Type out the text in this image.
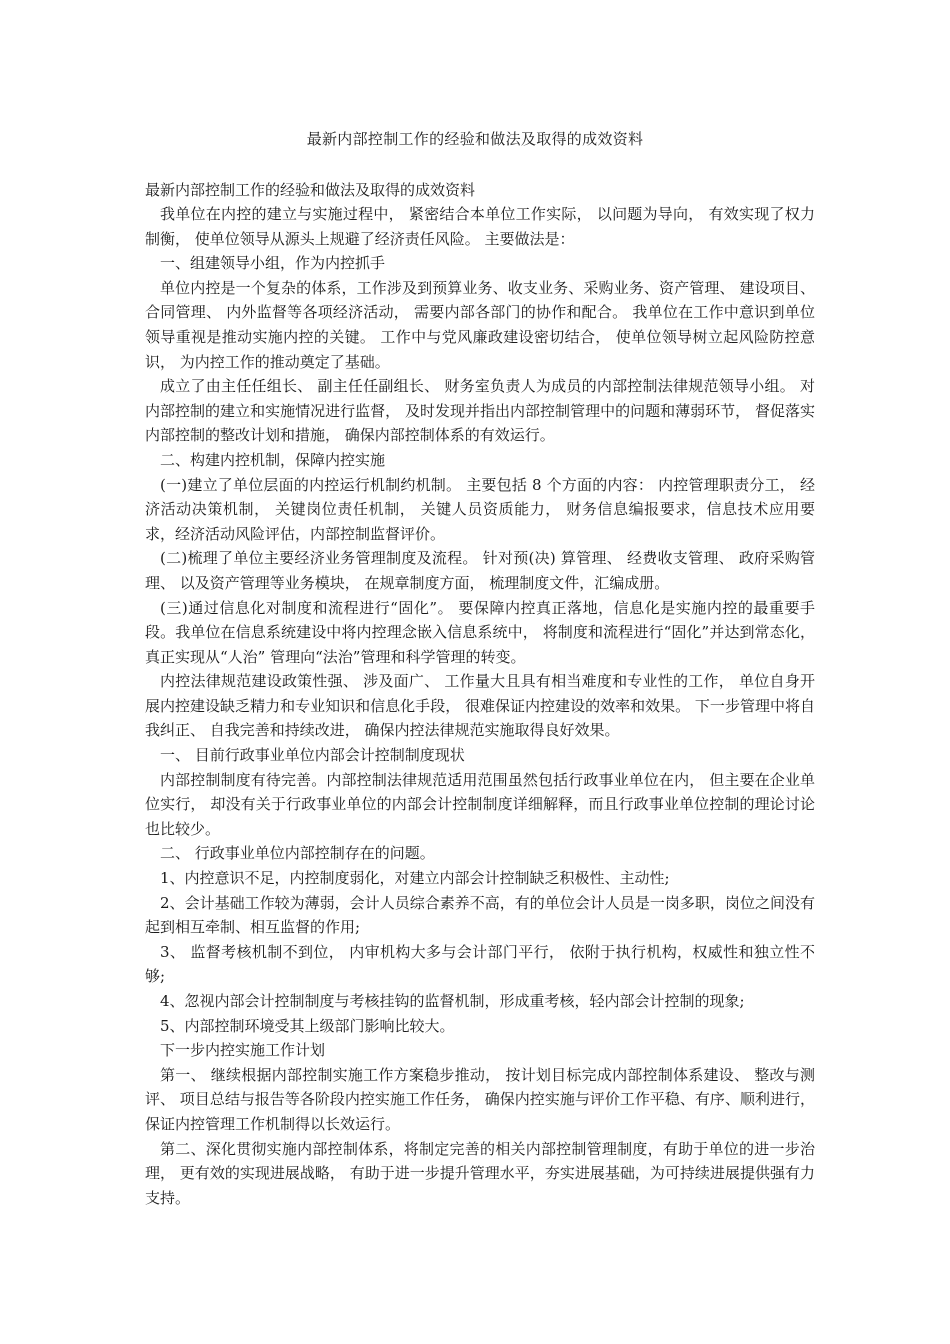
最新内部控制工作的经验和做法及取得的成效资料

最新内部控制工作的经验和做法及取得的成效资料

我单位在内控的建立与实施过程中， 紧密结合本单位工作实际， 以问题为导向， 有效实现了权力制衡， 使单位领导从源头上规避了经济责任风险。 主要做法是：

一、组建领导小组，作为内控抓手

单位内控是一个复杂的体系，工作涉及到预算业务、收支业务、采购业务、资产管理、 建设项目、 合同管理、 内外监督等各项经济活动， 需要内部各部门的协作和配合。 我单位在工作中意识到单位领导重视是推动实施内控的关键。 工作中与党风廉政建设密切结合， 使单位领导树立起风险防控意识， 为内控工作的推动奠定了基础。

成立了由主任任组长、 副主任任副组长、 财务室负责人为成员的内部控制法律规范领导小组。 对内部控制的建立和实施情况进行监督， 及时发现并指出内部控制管理中的问题和薄弱环节， 督促落实内部控制的整改计划和措施， 确保内部控制体系的有效运行。

二、构建内控机制，保障内控实施

(一)建立了单位层面的内控运行机制约机制。 主要包括 8 个方面的内容： 内控管理职责分工， 经济活动决策机制， 关键岗位责任机制， 关键人员资质能力， 财务信息编报要求，信息技术应用要求，经济活动风险评估，内部控制监督评价。

(二)梳理了单位主要经济业务管理制度及流程。 针对预(决) 算管理、 经费收支管理、 政府采购管理、 以及资产管理等业务模块， 在规章制度方面， 梳理制度文件，汇编成册。

(三)通过信息化对制度和流程进行“固化”。 要保障内控真正落地，信息化是实施内控的最重要手段。我单位在信息系统建设中将内控理念嵌入信息系统中， 将制度和流程进行“固化”并达到常态化， 真正实现从“人治” 管理向“法治”管理和科学管理的转变。

内控法律规范建设政策性强、 涉及面广、 工作量大且具有相当难度和专业性的工作， 单位自身开展内控建设缺乏精力和专业知识和信息化手段， 很难保证内控建设的效率和效果。 下一步管理中将自我纠正、 自我完善和持续改进， 确保内控法律规范实施取得良好效果。

一、 目前行政事业单位内部会计控制制度现状

内部控制制度有待完善。内部控制法律规范适用范围虽然包括行政事业单位在内， 但主要在企业单位实行， 却没有关于行政事业单位的内部会计控制制度详细解释，而且行政事业单位控制的理论讨论也比较少。

二、 行政事业单位内部控制存在的问题。

1、内控意识不足，内控制度弱化，对建立内部会计控制缺乏积极性、主动性;

2、会计基础工作较为薄弱，会计人员综合素养不高，有的单位会计人员是一岗多职，岗位之间没有起到相互牵制、相互监督的作用;

3、 监督考核机制不到位， 内审机构大多与会计部门平行， 依附于执行机构，权威性和独立性不够;

4、忽视内部会计控制制度与考核挂钩的监督机制，形成重考核，轻内部会计控制的现象;

5、内部控制环境受其上级部门影响比较大。

下一步内控实施工作计划

第一、 继续根据内部控制实施工作方案稳步推动， 按计划目标完成内部控制体系建设、 整改与测评、 项目总结与报告等各阶段内控实施工作任务， 确保内控实施与评价工作平稳、有序、顺利进行，保证内控管理工作机制得以长效运行。

第二、深化贯彻实施内部控制体系，将制定完善的相关内部控制管理制度，有助于单位的进一步治理， 更有效的实现进展战略， 有助于进一步提升管理水平，夯实进展基础，为可持续进展提供强有力支持。
